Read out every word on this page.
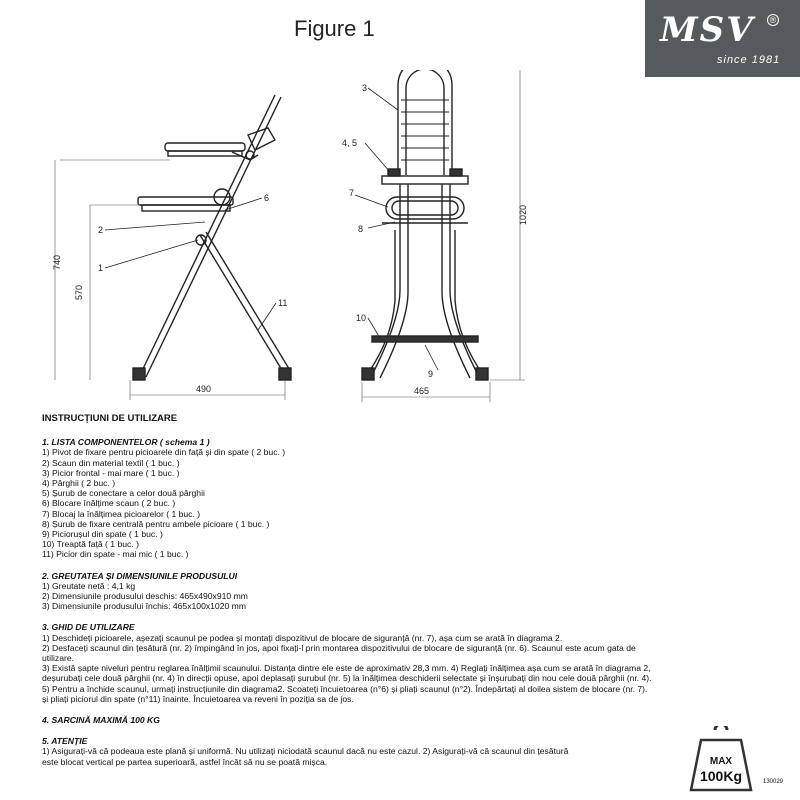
Figure 1	MSV ®
since 1981
2
1
6
11
740
570
490
3
4, 5
7
8
10
9
1020
465
INSTRUCȚIUNI DE UTILIZARE
1. LISTA COMPONENTELOR ( schema 1 )
1) Pivot de fixare pentru picioarele din față și din spate ( 2 buc. )
2) Scaun din material textil ( 1 buc. )
3) Picior frontal - mai mare ( 1 buc. )
4) Pârghii ( 2 buc. )
5) Șurub de conectare a celor două pârghii
6) Blocare înălțime scaun ( 2 buc. )
7) Blocaj la înălțimea picioarelor ( 1 buc. )
8) Șurub de fixare centrală pentru ambele picioare ( 1 buc. )
9) Piciorușul din spate ( 1 buc. )
10) Treaptă față ( 1 buc. )
11) Picior din spate - mai mic ( 1 buc. )
2. GREUTATEA ȘI DIMENSIUNILE PRODUSULUI
1) Greutate netă : 4,1 kg
2) Dimensiunile produsului deschis: 465x490x910 mm
3) Dimensiunile produsului închis: 465x100x1020 mm
3. GHID DE UTILIZARE
1) Deschideți picioarele, așezați scaunul pe podea și montați dispozitivul de blocare de siguranță (nr. 7), așa cum se arată în diagrama 2.
2) Desfaceți scaunul din țesătură (nr. 2) împingând în jos, apoi fixați-l prin montarea dispozitivului de blocare de siguranță (nr. 6). Scaunul este acum gata de
utilizare.
3) Există șapte niveluri pentru reglarea înălțimii scaunului. Distanța dintre ele este de aproximativ 28,3 mm. 4) Reglați înălțimea așa cum se arată în diagrama 2,
deșurubați cele două pârghii (nr. 4) în direcții opuse, apoi deplasați șurubul (nr. 5) la înălțimea deschiderii selectate și înșurubați din nou cele două pârghii (nr. 4).
5) Pentru a închide scaunul, urmați instrucțiunile din diagrama2. Scoateți încuietoarea (n°6) și pliați scaunul (n°2). Îndepărtați al doilea sistem de blocare (nr. 7).
și pliați piciorul din spate (n°11) înainte. Încuietoarea va reveni în poziția sa de jos.
4. SARCINĂ MAXIMĂ 100 KG
5. ATENȚIE
1) Asigurați-vă că podeaua este plană și uniformă. Nu utilizați niciodată scaunul dacă nu este cazul. 2) Asigurați-vă că scaunul din țesătură
este blocat vertical pe partea superioară, astfel încât să nu se poată mișca.	MAX
100Kg	130029
